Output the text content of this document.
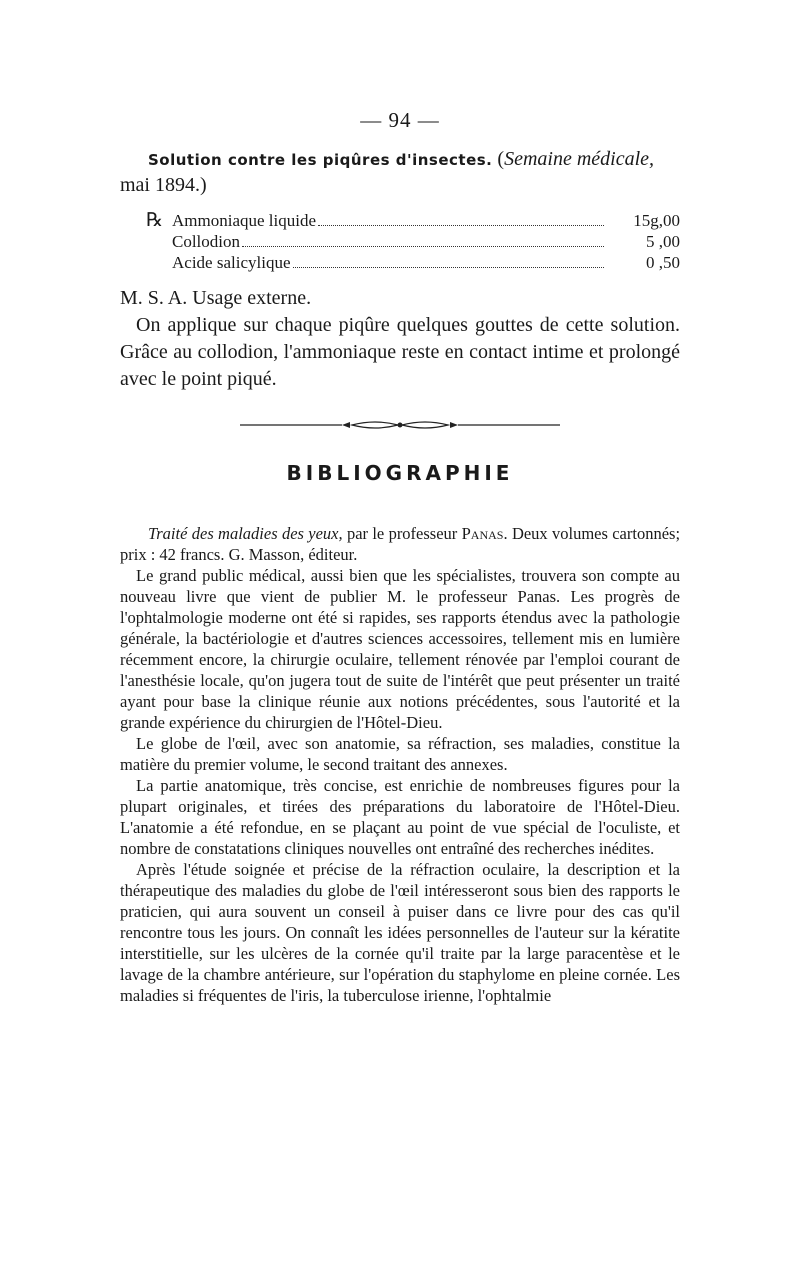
— 94 —
Solution contre les piqûres d'insectes. (Semaine médicale,
mai 1894.)
℞ Ammoniaque liquide	15g,00
Collodion	5 ,00
Acide salicylique	0 ,50
M. S. A. Usage externe.
On applique sur chaque piqûre quelques gouttes de cette solution. Grâce au collodion, l'ammoniaque reste en contact intime et prolongé avec le point piqué.
BIBLIOGRAPHIE

Traité des maladies des yeux, par le professeur Panas. Deux volumes cartonnés; prix : 42 francs. G. Masson, éditeur.

Le grand public médical, aussi bien que les spécialistes, trouvera son compte au nouveau livre que vient de publier M. le professeur Panas. Les progrès de l'ophtalmologie moderne ont été si rapides, ses rapports étendus avec la pathologie générale, la bactériologie et d'autres sciences accessoires, tellement mis en lumière récemment encore, la chirurgie oculaire, tellement rénovée par l'emploi courant de l'anesthésie locale, qu'on jugera tout de suite de l'intérêt que peut présenter un traité ayant pour base la clinique réunie aux notions précédentes, sous l'autorité et la grande expérience du chirurgien de l'Hôtel-Dieu.

Le globe de l'œil, avec son anatomie, sa réfraction, ses maladies, constitue la matière du premier volume, le second traitant des annexes.

La partie anatomique, très concise, est enrichie de nombreuses figures pour la plupart originales, et tirées des préparations du laboratoire de l'Hôtel-Dieu. L'anatomie a été refondue, en se plaçant au point de vue spécial de l'oculiste, et nombre de constatations cliniques nouvelles ont entraîné des recherches inédites.

Après l'étude soignée et précise de la réfraction oculaire, la description et la thérapeutique des maladies du globe de l'œil intéresseront sous bien des rapports le praticien, qui aura souvent un conseil à puiser dans ce livre pour des cas qu'il rencontre tous les jours. On connaît les idées personnelles de l'auteur sur la kératite interstitielle, sur les ulcères de la cornée qu'il traite par la large paracentèse et le lavage de la chambre antérieure, sur l'opération du staphylome en pleine cornée. Les maladies si fréquentes de l'iris, la tuberculose irienne, l'ophtalmie
